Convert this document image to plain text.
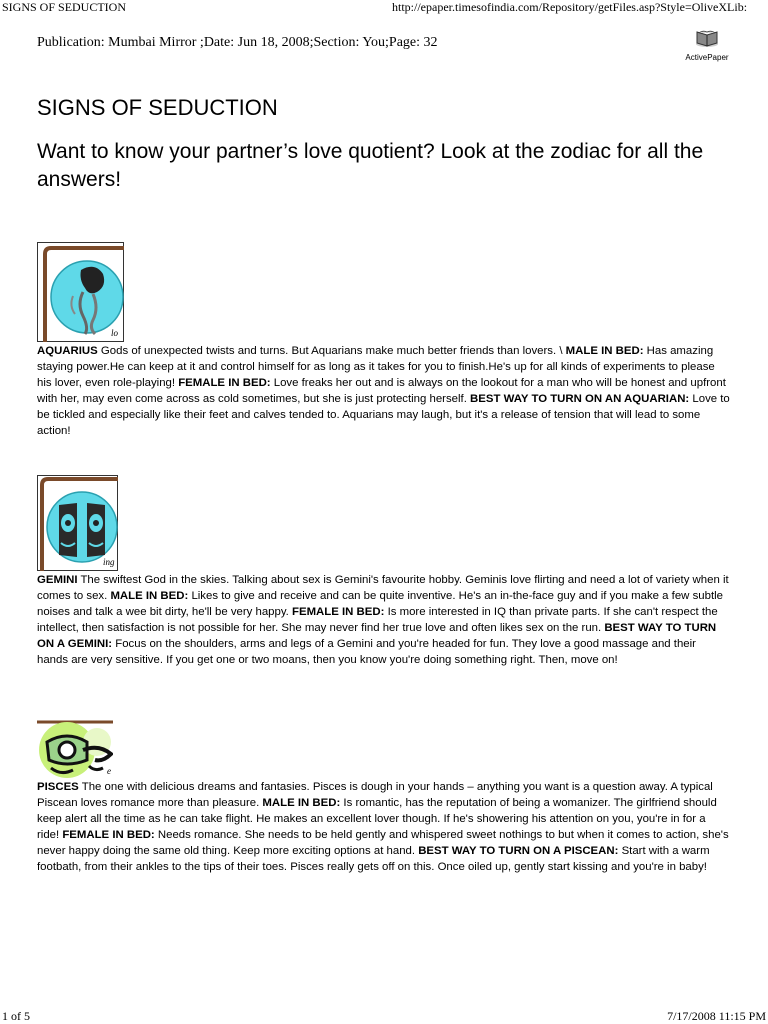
SIGNS OF SEDUCTION	http://epaper.timesofindia.com/Repository/getFiles.asp?Style=OliveXLib:
Publication: Mumbai Mirror ;Date: Jun 18, 2008;Section: You;Page: 32
ActivePaper
SIGNS OF SEDUCTION
Want to know your partner’s love quotient? Look at the zodiac for all the answers!
lo
AQUARIUS Gods of unexpected twists and turns. But Aquarians make much better friends than lovers. \ MALE IN BED: Has amazing staying power.He can keep at it and control himself for as long as it takes for you to finish.He's up for all kinds of experiments to please his lover, even role-playing! FEMALE IN BED: Love freaks her out and is always on the lookout for a man who will be honest and upfront with her, may even come across as cold sometimes, but she is just protecting herself. BEST WAY TO TURN ON AN AQUARIAN: Love to be tickled and especially like their feet and calves tended to. Aquarians may laugh, but it's a release of tension that will lead to some action!
ing
GEMINI The swiftest God in the skies. Talking about sex is Gemini's favourite hobby. Geminis love flirting and need a lot of variety when it comes to sex. MALE IN BED: Likes to give and receive and can be quite inventive. He's an in-the-face guy and if you make a few subtle noises and talk a wee bit dirty, he'll be very happy. FEMALE IN BED: Is more interested in IQ than private parts. If she can't respect the intellect, then satisfaction is not possible for her. She may never find her true love and often likes sex on the run. BEST WAY TO TURN ON A GEMINI: Focus on the shoulders, arms and legs of a Gemini and you're headed for fun. They love a good massage and their hands are very sensitive. If you get one or two moans, then you know you're doing something right. Then, move on!
e
PISCES The one with delicious dreams and fantasies. Pisces is dough in your hands – anything you want is a question away. A typical Piscean loves romance more than pleasure. MALE IN BED: Is romantic, has the reputation of being a womanizer. The girlfriend should keep alert all the time as he can take flight. He makes an excellent lover though. If he's showering his attention on you, you're in for a ride! FEMALE IN BED: Needs romance. She needs to be held gently and whispered sweet nothings to but when it comes to action, she's never happy doing the same old thing. Keep more exciting options at hand. BEST WAY TO TURN ON A PISCEAN: Start with a warm footbath, from their ankles to the tips of their toes. Pisces really gets off on this. Once oiled up, gently start kissing and you're in baby!
1 of 5	7/17/2008 11:15 PM
